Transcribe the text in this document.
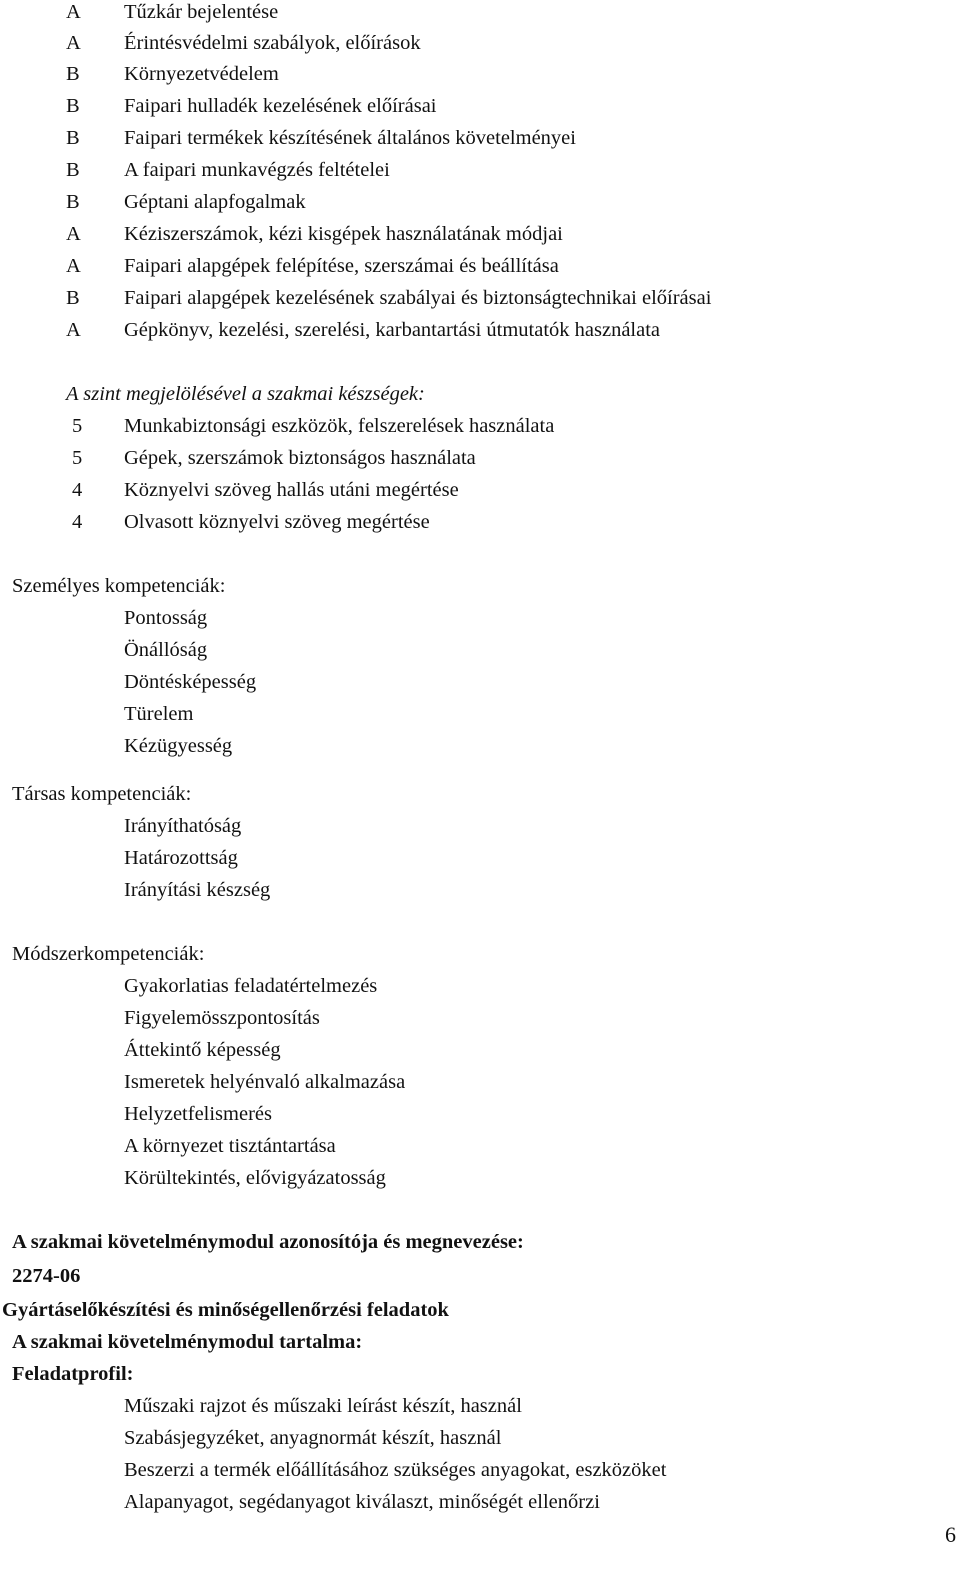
A	Tűzkár bejelentése
A	Érintésvédelmi szabályok, előírások
B	Környezetvédelem
B	Faipari hulladék kezelésének előírásai
B	Faipari termékek készítésének általános követelményei
B	A faipari munkavégzés feltételei
B	Géptani alapfogalmak
A	Kéziszerszámok, kézi kisgépek használatának módjai
A	Faipari alapgépek felépítése, szerszámai és beállítása
B	Faipari alapgépek kezelésének szabályai és biztonságtechnikai előírásai
A	Gépkönyv, kezelési, szerelési, karbantartási útmutatók használata
A szint megjelölésével a szakmai készségek:
5	Munkabiztonsági eszközök, felszerelések használata
5	Gépek, szerszámok biztonságos használata
4	Köznyelvi szöveg hallás utáni megértése
4	Olvasott köznyelvi szöveg megértése
Személyes kompetenciák:
Pontosság
Önállóság
Döntésképesség
Türelem
Kézügyesség
Társas kompetenciák:
Irányíthatóság
Határozottság
Irányítási készség
Módszerkompetenciák:
Gyakorlatias feladatértelmezés
Figyelemösszpontosítás
Áttekintő képesség
Ismeretek helyénvaló alkalmazása
Helyzetfelismerés
A környezet tisztántartása
Körültekintés, elővigyázatosság
A szakmai követelménymodul azonosítója és megnevezése:
2274-06
Gyártáselőkészítési és minőségellenőrzési feladatok
A szakmai követelménymodul tartalma:
Feladatprofil:
Műszaki rajzot és műszaki leírást készít, használ
Szabásjegyzéket, anyagnormát készít, használ
Beszerzi a termék előállításához szükséges anyagokat, eszközöket
Alapanyagot, segédanyagot kiválaszt, minőségét ellenőrzi
6
